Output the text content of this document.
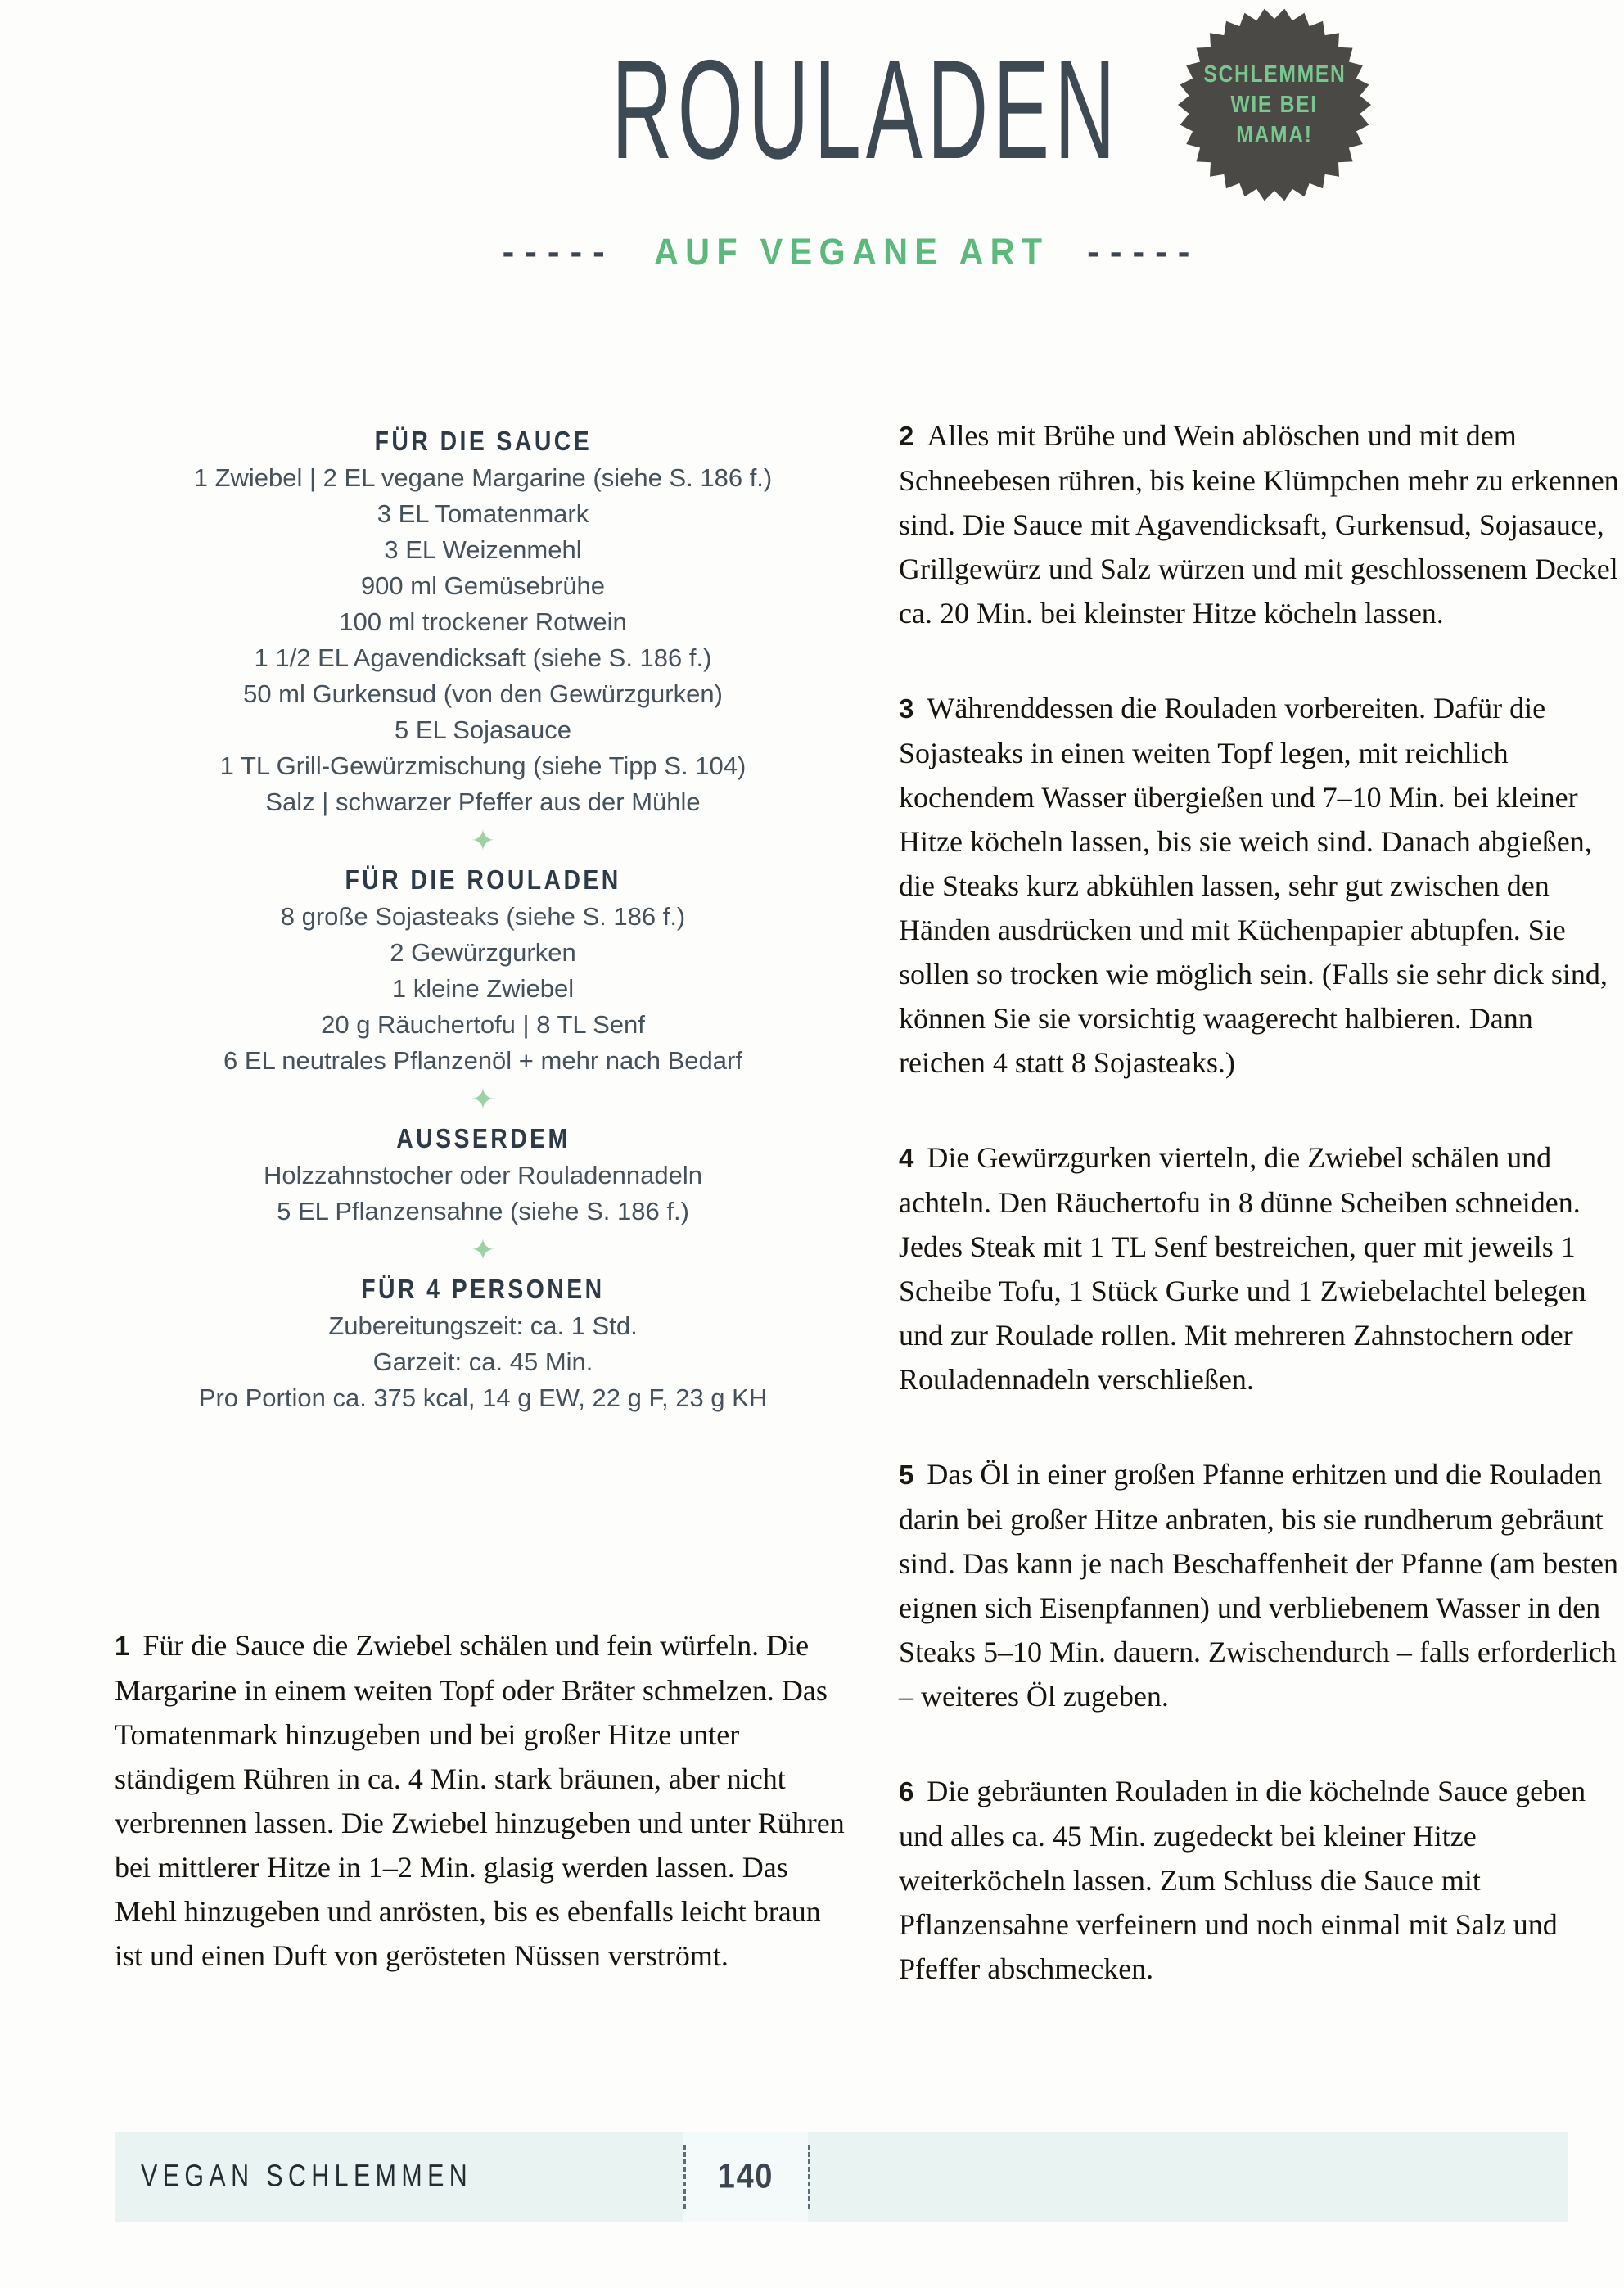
ROULADEN
----- AUF VEGANE ART -----
SCHLEMMEN
WIE BEI
MAMA!
FÜR DIE SAUCE
1 Zwiebel | 2 EL vegane Margarine (siehe S. 186 f.)
3 EL Tomatenmark
3 EL Weizenmehl
900 ml Gemüsebrühe
100 ml trockener Rotwein
1 1/2 EL Agavendicksaft (siehe S. 186 f.)
50 ml Gurkensud (von den Gewürzgurken)
5 EL Sojasauce
1 TL Grill-Gewürzmischung (siehe Tipp S. 104)
Salz | schwarzer Pfeffer aus der Mühle
✦
FÜR DIE ROULADEN
8 große Sojasteaks (siehe S. 186 f.)
2 Gewürzgurken
1 kleine Zwiebel
20 g Räuchertofu | 8 TL Senf
6 EL neutrales Pflanzenöl + mehr nach Bedarf
✦
AUSSERDEM
Holzzahnstocher oder Rouladennadeln
5 EL Pflanzensahne (siehe S. 186 f.)
✦
FÜR 4 PERSONEN
Zubereitungszeit: ca. 1 Std.
Garzeit: ca. 45 Min.
Pro Portion ca. 375 kcal, 14 g EW, 22 g F, 23 g KH
1 Für die Sauce die Zwiebel schälen und fein würfeln. Die Margarine in einem weiten Topf oder Bräter schmelzen. Das Tomatenmark hinzugeben und bei großer Hitze unter ständigem Rühren in ca. 4 Min. stark bräunen, aber nicht verbrennen lassen. Die Zwiebel hinzugeben und unter Rühren bei mittlerer Hitze in 1–2 Min. glasig werden lassen. Das Mehl hinzugeben und anrösten, bis es ebenfalls leicht braun ist und einen Duft von gerösteten Nüssen verströmt.
2 Alles mit Brühe und Wein ablöschen und mit dem Schneebesen rühren, bis keine Klümpchen mehr zu erkennen sind. Die Sauce mit Agavendicksaft, Gurkensud, Sojasauce, Grillgewürz und Salz würzen und mit geschlossenem Deckel ca. 20 Min. bei kleinster Hitze köcheln lassen.
3 Währenddessen die Rouladen vorbereiten. Dafür die Sojasteaks in einen weiten Topf legen, mit reichlich kochendem Wasser übergießen und 7–10 Min. bei kleiner Hitze köcheln lassen, bis sie weich sind. Danach abgießen, die Steaks kurz abkühlen lassen, sehr gut zwischen den Händen ausdrücken und mit Küchenpapier abtupfen. Sie sollen so trocken wie möglich sein. (Falls sie sehr dick sind, können Sie sie vorsichtig waagerecht halbieren. Dann reichen 4 statt 8 Sojasteaks.)
4 Die Gewürzgurken vierteln, die Zwiebel schälen und achteln. Den Räuchertofu in 8 dünne Scheiben schneiden. Jedes Steak mit 1 TL Senf bestreichen, quer mit jeweils 1 Scheibe Tofu, 1 Stück Gurke und 1 Zwiebelachtel belegen und zur Roulade rollen. Mit mehreren Zahnstochern oder Rouladennadeln verschließen.
5 Das Öl in einer großen Pfanne erhitzen und die Rouladen darin bei großer Hitze anbraten, bis sie rundherum gebräunt sind. Das kann je nach Beschaffenheit der Pfanne (am besten eignen sich Eisenpfannen) und verbliebenem Wasser in den Steaks 5–10 Min. dauern. Zwischendurch – falls erforderlich – weiteres Öl zugeben.
6 Die gebräunten Rouladen in die köchelnde Sauce geben und alles ca. 45 Min. zugedeckt bei kleiner Hitze weiterköcheln lassen. Zum Schluss die Sauce mit Pflanzensahne verfeinern und noch einmal mit Salz und Pfeffer abschmecken.
VEGAN SCHLEMMEN	140
